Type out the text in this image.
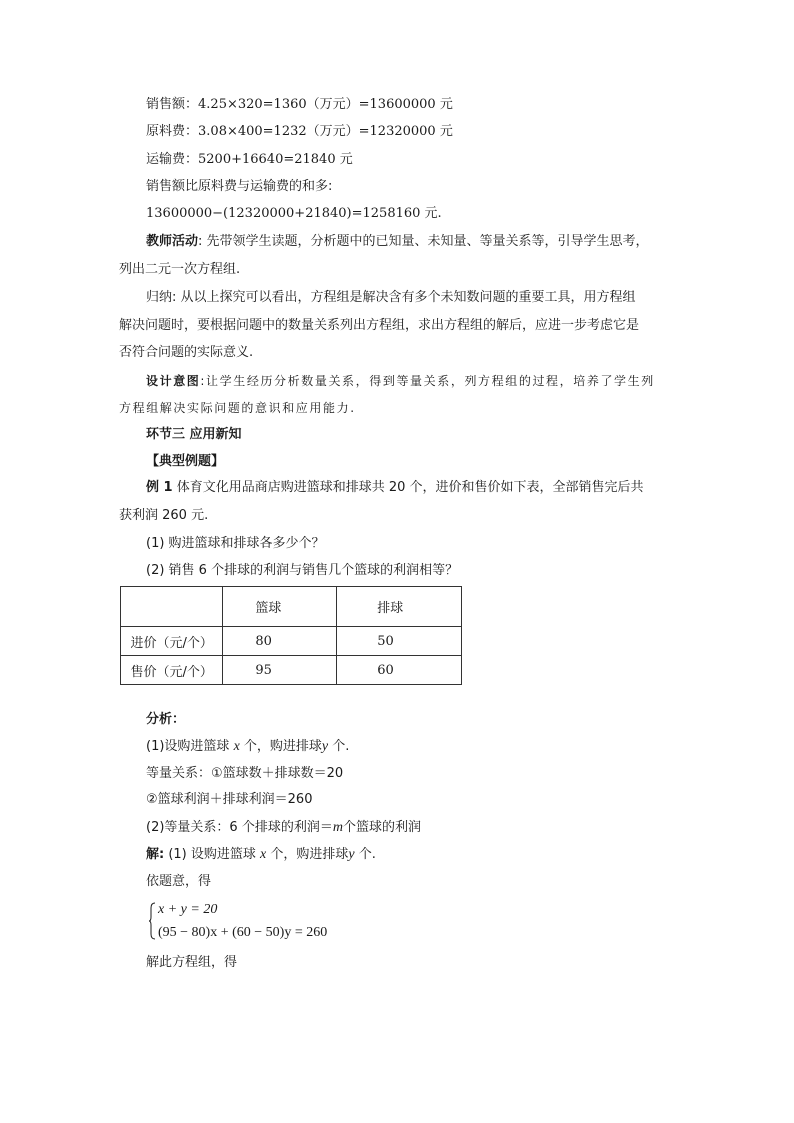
销售额：4.25×320=1360（万元）=13600000 元
原料费：3.08×400=1232（万元）=12320000 元
运输费：5200+16640=21840 元
销售额比原料费与运输费的和多:
13600000−(12320000+21840)=1258160 元.
教师活动: 先带领学生读题，分析题中的已知量、未知量、等量关系等，引导学生思考，
列出二元一次方程组.
归纳: 从以上探究可以看出，方程组是解决含有多个未知数问题的重要工具，用方程组
解决问题时，要根据问题中的数量关系列出方程组，求出方程组的解后，应进一步考虑它是
否符合问题的实际意义.
设计意图:让学生经历分析数量关系，得到等量关系，列方程组的过程，培养了学生列
方程组解决实际问题的意识和应用能力.
环节三 应用新知
【典型例题】
例 1 体育文化用品商店购进篮球和排球共 20 个，进价和售价如下表，全部销售完后共
获利润 260 元.
(1) 购进篮球和排球各多少个？
(2) 销售 6 个排球的利润与销售几个篮球的利润相等？
	篮球	排球
进价（元/个）	80	50
售价（元/个）	95	60
分析：
(1)设购进篮球 x 个，购进排球y 个.
等量关系：①篮球数＋排球数＝20
②篮球利润＋排球利润＝260
(2)等量关系：6 个排球的利润＝m个篮球的利润
解: (1) 设购进篮球 x 个，购进排球y 个.
依题意，得
x + y = 20
(95 − 80)x + (60 − 50)y = 260
解此方程组，得
